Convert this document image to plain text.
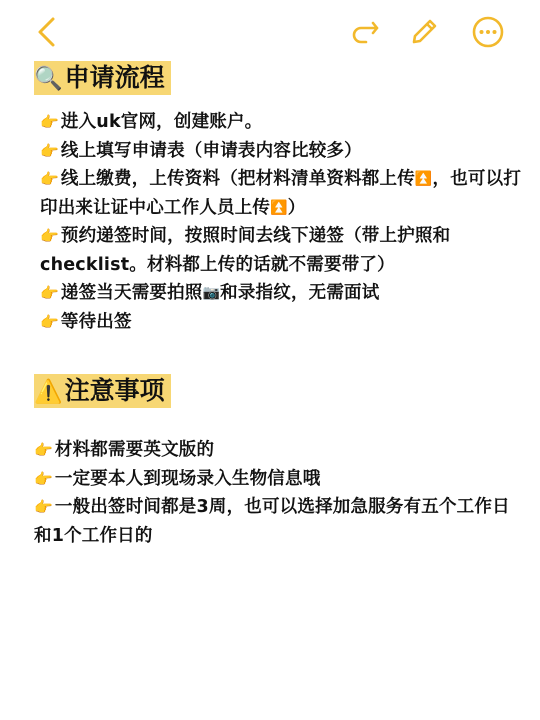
🔍申请流程
👉 进入uk官网，创建账户。
👉 线上填写申请表（申请表内容比较多）
👉 线上缴费，上传资料（把材料清单资料都上传⏫，也可以打印出来让证中心工作人员上传⏫）
👉 预约递签时间，按照时间去线下递签（带上护照和checklist。材料都上传的话就不需要带了）
👉 递签当天需要拍照📷和录指纹，无需面试
👉 等待出签
⚠️注意事项
👉 材料都需要英文版的
👉 一定要本人到现场录入生物信息哦
👉 一般出签时间都是3周，也可以选择加急服务有五个工作日和1个工作日的
